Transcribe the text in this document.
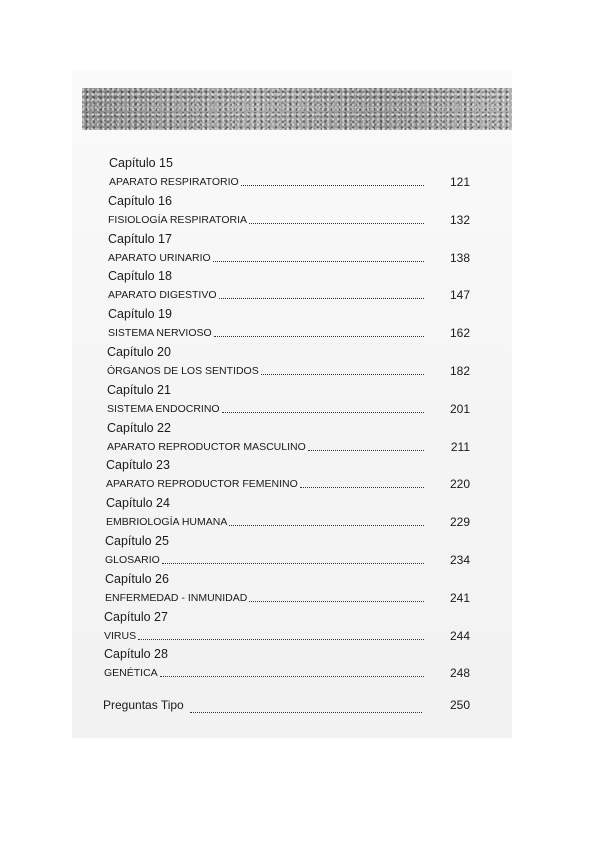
Capítulo 15
APARATO RESPIRATORIO	121
Capítulo 16
FISIOLOGÍA RESPIRATORIA	132
Capítulo 17
APARATO URINARIO	138
Capítulo 18
APARATO DIGESTIVO	147
Capítulo 19
SISTEMA NERVIOSO	162
Capítulo 20
ÓRGANOS DE LOS SENTIDOS	182
Capítulo 21
SISTEMA ENDOCRINO	201
Capítulo 22
APARATO REPRODUCTOR MASCULINO	211
Capítulo 23
APARATO REPRODUCTOR FEMENINO	220
Capítulo 24
EMBRIOLOGÍA HUMANA	229
Capítulo 25
GLOSARIO	234
Capítulo 26
ENFERMEDAD - INMUNIDAD	241
Capítulo 27
VIRUS	244
Capítulo 28
GENÉTICA	248
Preguntas Tipo	250
